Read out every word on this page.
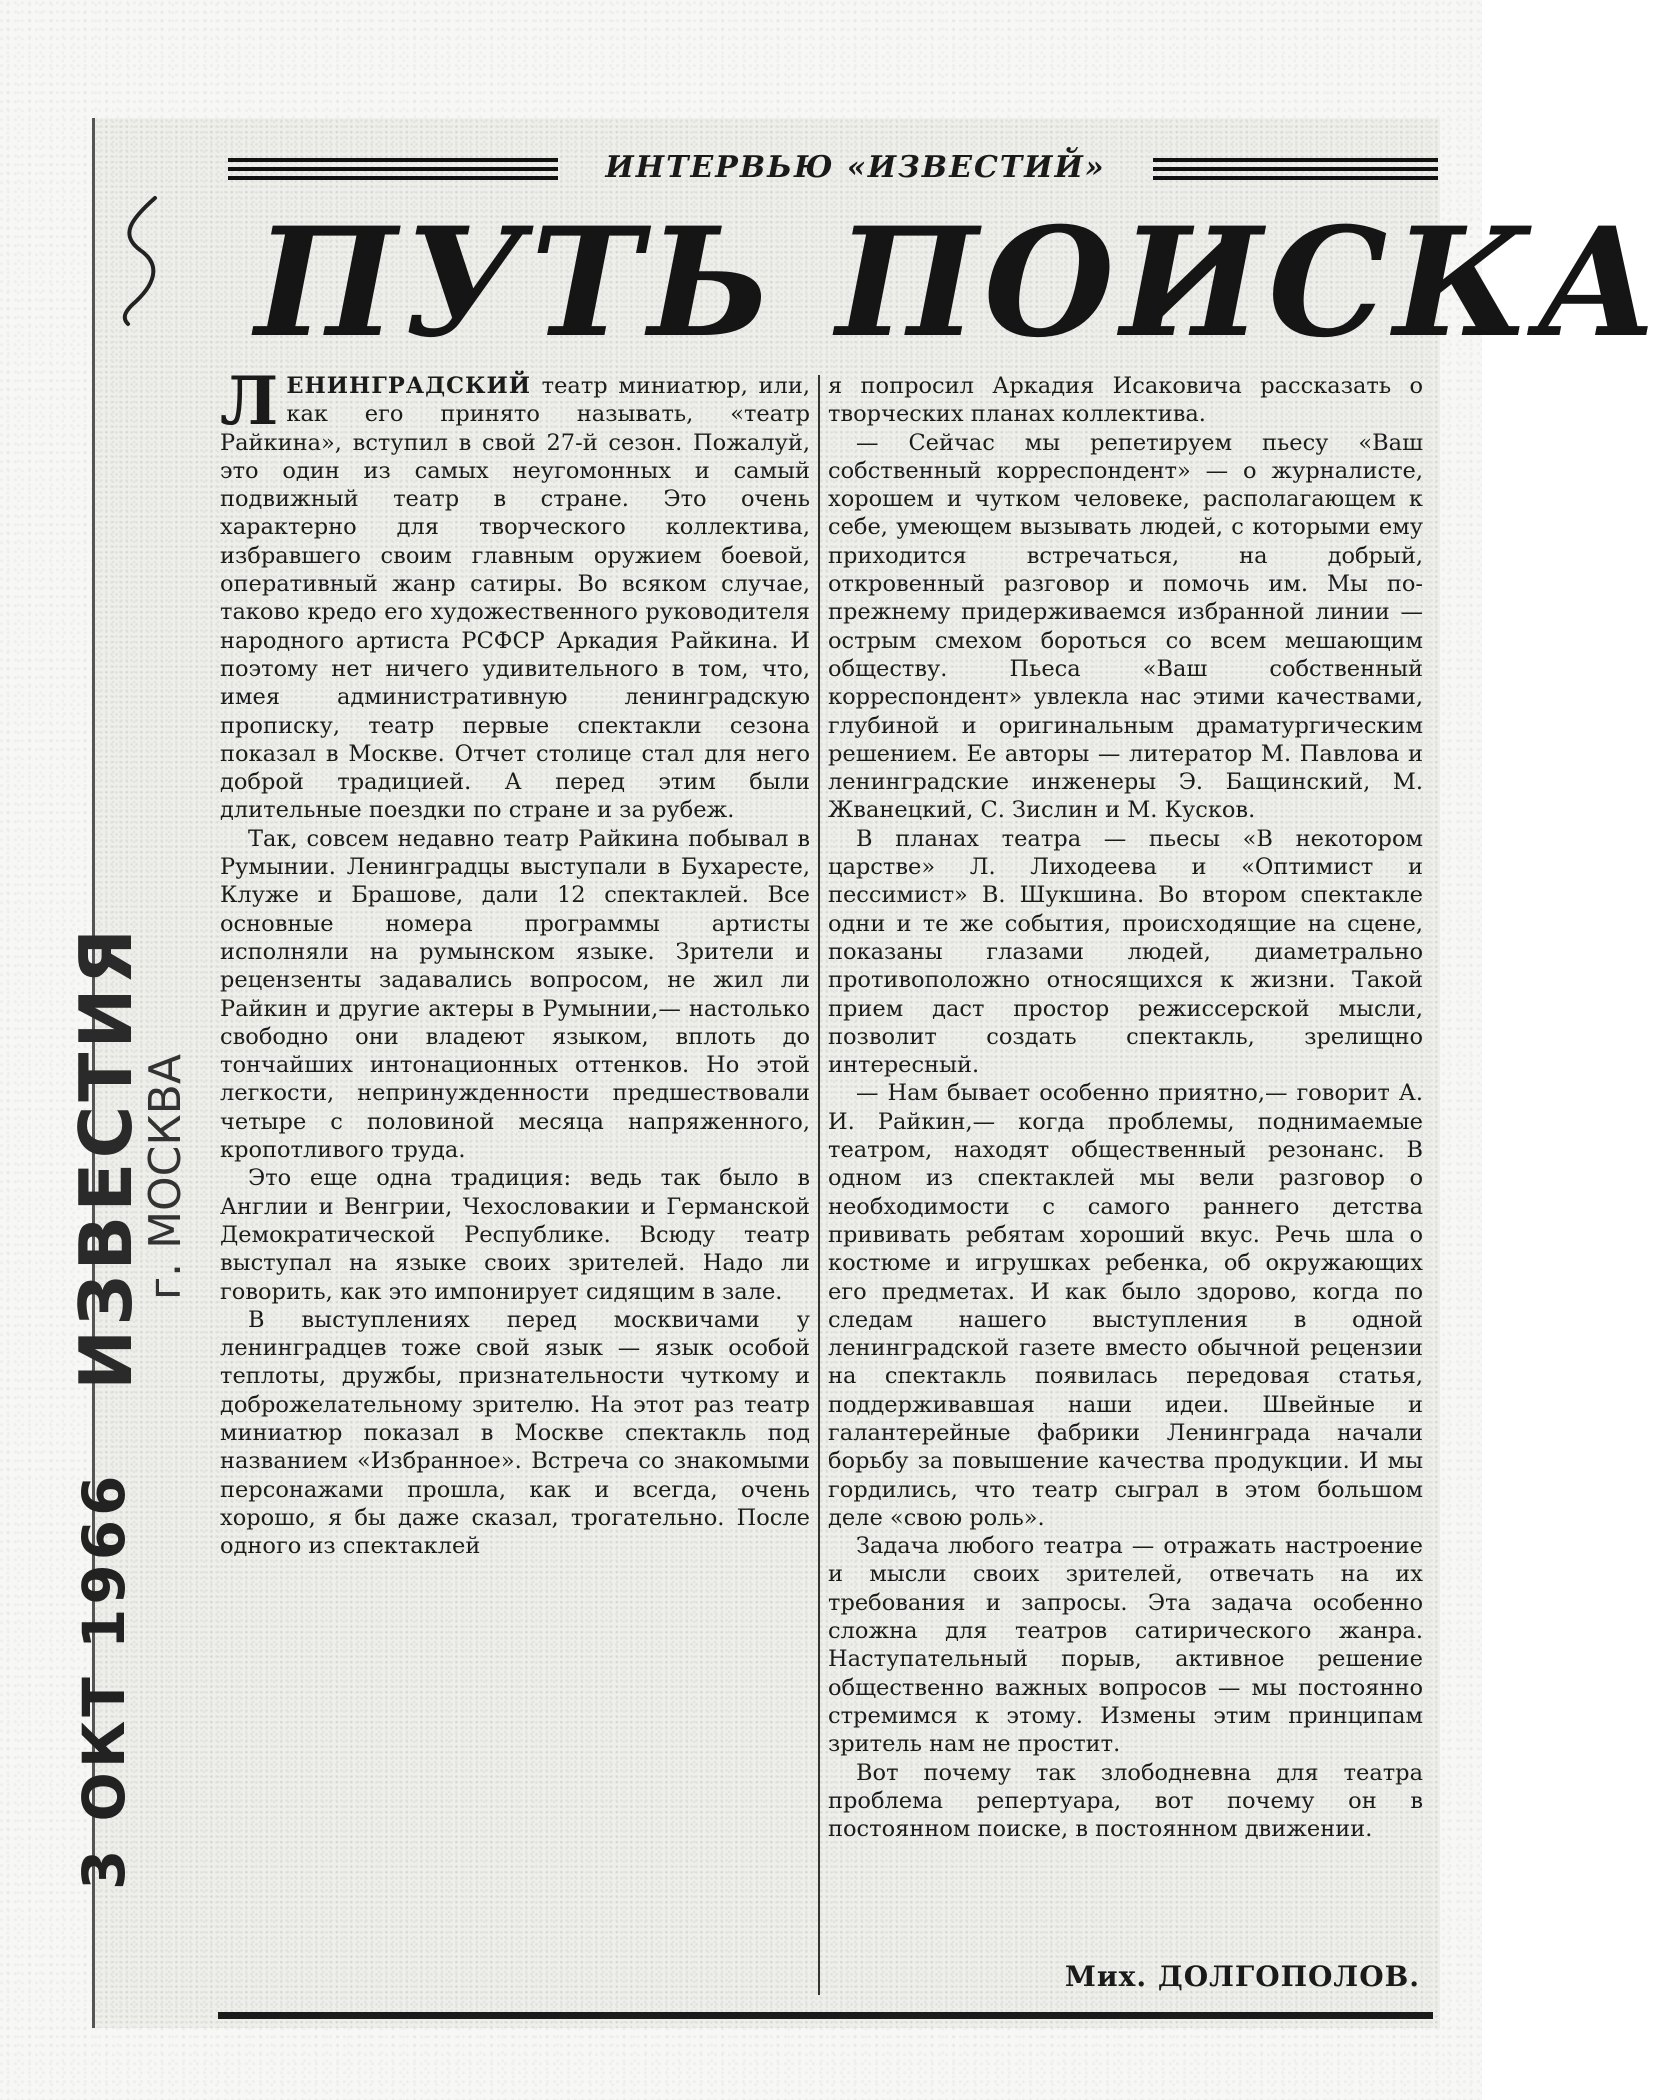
ИНТЕРВЬЮ «ИЗВЕСТИЙ»
ПУТЬ ПОИСКА

ЛЕНИНГРАДСКИЙ театр миниатюр, или, как его принято называть, «театр Райкина», вступил в свой 27-й сезон. Пожалуй, это один из самых неугомонных и самый подвижный театр в стране. Это очень характерно для творческого коллектива, избравшего своим главным оружием боевой, оперативный жанр сатиры. Во всяком случае, таково кредо его художественного руководителя народного артиста РСФСР Аркадия Райкина. И поэтому нет ничего удивительного в том, что, имея административную ленинградскую прописку, театр первые спектакли сезона показал в Москве. Отчет столице стал для него доброй традицией. А перед этим были длительные поездки по стране и за рубеж.

Так, совсем недавно театр Райкина побывал в Румынии. Ленинградцы выступали в Бухаресте, Клуже и Брашове, дали 12 спектаклей. Все основные номера программы артисты исполняли на румынском языке. Зрители и рецензенты задавались вопросом, не жил ли Райкин и другие актеры в Румынии,— настолько свободно они владеют языком, вплоть до тончайших интонационных оттенков. Но этой легкости, непринужденности предшествовали четыре с половиной месяца напряженного, кропотливого труда.

Это еще одна традиция: ведь так было в Англии и Венгрии, Чехословакии и Германской Демократической Республике. Всюду театр выступал на языке своих зрителей. Надо ли говорить, как это импонирует сидящим в зале.

В выступлениях перед москвичами у ленинградцев тоже свой язык — язык особой теплоты, дружбы, признательности чуткому и доброжелательному зрителю. На этот раз театр миниатюр показал в Москве спектакль под названием «Избранное». Встреча со знакомыми персонажами прошла, как и всегда, очень хорошо, я бы даже сказал, трогательно. После одного из спектаклей

я попросил Аркадия Исаковича рассказать о творческих планах коллектива.

— Сейчас мы репетируем пьесу «Ваш собственный корреспондент» — о журналисте, хорошем и чутком человеке, располагающем к себе, умеющем вызывать людей, с которыми ему приходится встречаться, на добрый, откровенный разговор и помочь им. Мы по-прежнему придерживаемся избранной линии — острым смехом бороться со всем мешающим обществу. Пьеса «Ваш собственный корреспондент» увлекла нас этими качествами, глубиной и оригинальным драматургическим решением. Ее авторы — литератор М. Павлова и ленинградские инженеры Э. Бащинский, М. Жванецкий, С. Зислин и М. Кусков.

В планах театра — пьесы «В некотором царстве» Л. Лиходеева и «Оптимист и пессимист» В. Шукшина. Во втором спектакле одни и те же события, происходящие на сцене, показаны глазами людей, диаметрально противоположно относящихся к жизни. Такой прием даст простор режиссерской мысли, позволит создать спектакль, зрелищно интересный.

— Нам бывает особенно приятно,— говорит А. И. Райкин,— когда проблемы, поднимаемые театром, находят общественный резонанс. В одном из спектаклей мы вели разговор о необходимости с самого раннего детства прививать ребятам хороший вкус. Речь шла о костюме и игрушках ребенка, об окружающих его предметах. И как было здорово, когда по следам нашего выступления в одной ленинградской газете вместо обычной рецензии на спектакль появилась передовая статья, поддерживавшая наши идеи. Швейные и галантерейные фабрики Ленинграда начали борьбу за повышение качества продукции. И мы гордились, что театр сыграл в этом большом деле «свою роль».

Задача любого театра — отражать настроение и мысли своих зрителей, отвечать на их требования и запросы. Эта задача особенно сложна для театров сатирического жанра. Наступательный порыв, активное решение общественно важных вопросов — мы постоянно стремимся к этому. Измены этим принципам зритель нам не простит.

Вот почему так злободневна для театра проблема репертуара, вот почему он в постоянном поиске, в постоянном движении.

Мих. ДОЛГОПОЛОВ.
3 ОКТ 1966
ИЗВЕСТИЯ
г. МОСКВА
